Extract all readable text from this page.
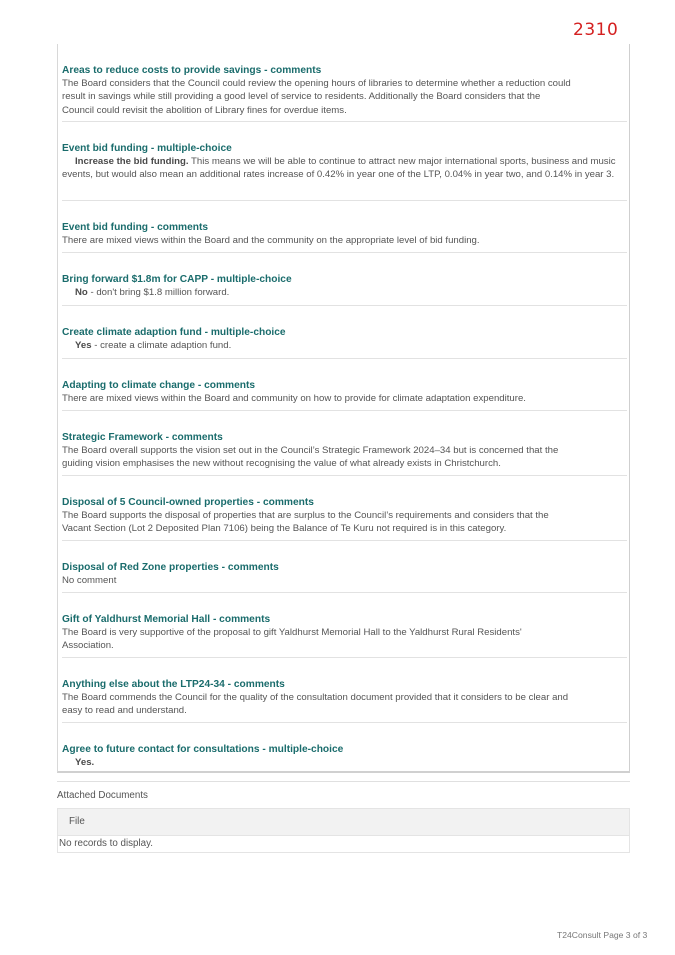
2310
Areas to reduce costs to provide savings - comments
The Board considers that the Council could review the opening hours of libraries to determine whether a reduction could result in savings while still providing a good level of service to residents. Additionally the Board considers that the Council could revisit the abolition of Library fines for overdue items.
Event bid funding - multiple-choice
Increase the bid funding. This means we will be able to continue to attract new major international sports, business and music events, but would also mean an additional rates increase of 0.42% in year one of the LTP, 0.04% in year two, and 0.14% in year 3.
Event bid funding - comments
There are mixed views within the Board and the community on the appropriate level of bid funding.
Bring forward $1.8m for CAPP - multiple-choice
No - don't bring $1.8 million forward.
Create climate adaption fund - multiple-choice
Yes - create a climate adaption fund.
Adapting to climate change - comments
There are mixed views within the Board and community on how to provide for climate adaptation expenditure.
Strategic Framework - comments
The Board overall supports the vision set out in the Council’s Strategic Framework 2024–34 but is concerned that the guiding vision emphasises the new without recognising the value of what already exists in Christchurch.
Disposal of 5 Council-owned properties - comments
The Board supports the disposal of properties that are surplus to the Council’s requirements and considers that the Vacant Section (Lot 2 Deposited Plan 7106) being the Balance of Te Kuru not required is in this category.
Disposal of Red Zone properties - comments
No comment
Gift of Yaldhurst Memorial Hall - comments
The Board is very supportive of the proposal to gift Yaldhurst Memorial Hall to the Yaldhurst Rural Residents' Association.
Anything else about the LTP24-34 - comments
The Board commends the Council for the quality of the consultation document provided that it considers to be clear and easy to read and understand.
Agree to future contact for consultations - multiple-choice
Yes.
Attached Documents
File
No records to display.
T24Consult Page 3 of 3
